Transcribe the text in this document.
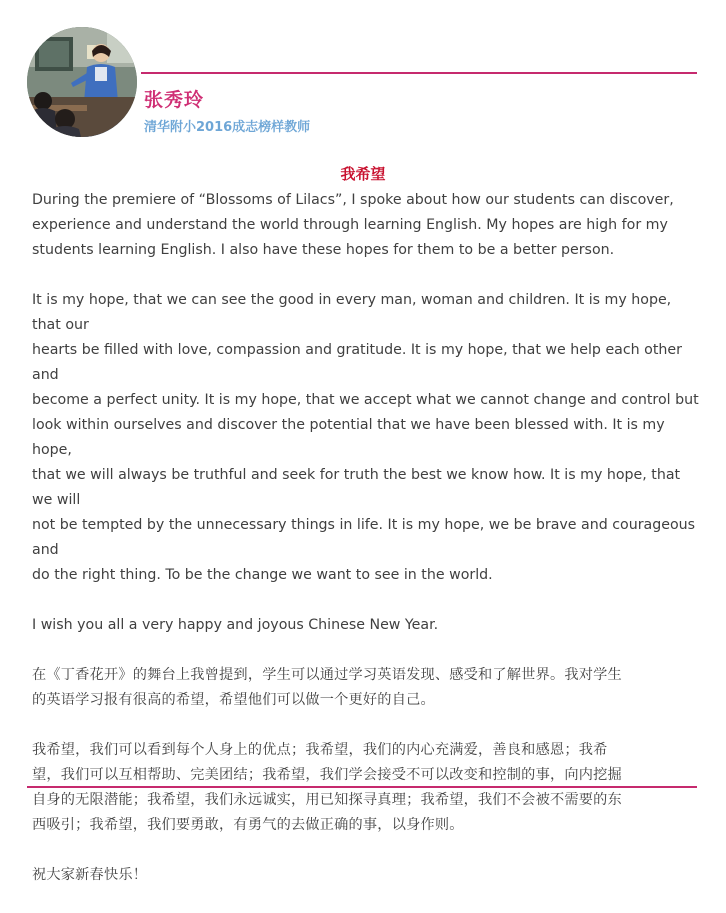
张秀玲
清华附小2016成志榜样教师
我希望

During the premiere of “Blossoms of Lilacs”, I spoke about how our students can discover,
experience and understand the world through learning English. My hopes are high for my
students learning English. I also have these hopes for them to be a better person.

It is my hope, that we can see the good in every man, woman and children. It is my hope, that our
hearts be filled with love, compassion and gratitude. It is my hope, that we help each other and
become a perfect unity. It is my hope, that we accept what we cannot change and control but
look within ourselves and discover the potential that we have been blessed with. It is my hope,
that we will always be truthful and seek for truth the best we know how. It is my hope, that we will
not be tempted by the unnecessary things in life. It is my hope, we be brave and courageous and
do the right thing. To be the change we want to see in the world.

I wish you all a very happy and joyous Chinese New Year.

在《丁香花开》的舞台上我曾提到，学生可以通过学习英语发现、感受和了解世界。我对学生
的英语学习报有很高的希望，希望他们可以做一个更好的自己。

我希望，我们可以看到每个人身上的优点；我希望，我们的内心充满爱，善良和感恩；我希
望，我们可以互相帮助、完美团结；我希望，我们学会接受不可以改变和控制的事，向内挖掘
自身的无限潜能；我希望，我们永远诚实，用已知探寻真理；我希望，我们不会被不需要的东
西吸引；我希望，我们要勇敢，有勇气的去做正确的事，以身作则。

祝大家新春快乐！
